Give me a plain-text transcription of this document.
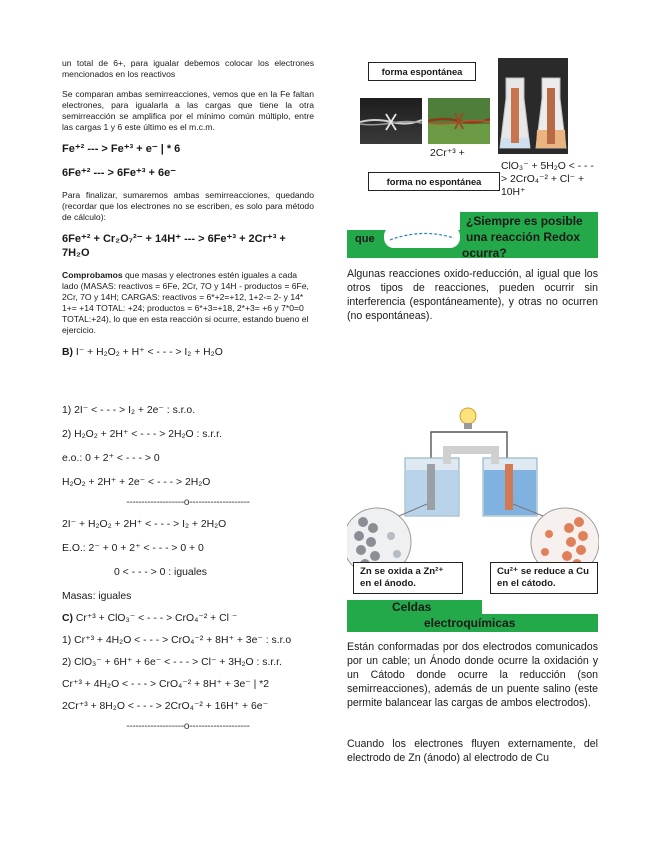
un total de 6+, para igualar debemos colocar los electrones mencionados en los reactivos

Se comparan ambas semirreacciones, vemos que en la Fe faltan electrones, para igualarla a las cargas que tiene la otra semirreacción se amplifica por el mínimo común múltiplo, entre las cargas 1 y 6 este último es el m.c.m.

Fe⁺² --- > Fe⁺³ + e⁻ | * 6

6Fe⁺² --- > 6Fe⁺³ + 6e⁻

Para finalizar, sumaremos ambas semirreacciones, quedando (recordar que los electrones no se escriben, es solo para método de cálculo):

6Fe⁺² + Cr₂O₇²⁻ + 14H⁺ --- > 6Fe⁺³ + 2Cr⁺³ + 7H₂O

Comprobamos que masas y electrones estén iguales a cada lado (MASAS: reactivos = 6Fe, 2Cr, 7O y 14H - productos = 6Fe, 2Cr, 7O y 14H; CARGAS: reactivos = 6*+2=+12, 1+2-= 2- y 14* 1+= +14 TOTAL: +24; productos = 6*+3=+18, 2*+3= +6 y 7*0=0 TOTAL:+24), lo que en esta reacción si ocurre, estando bueno el ejercicio.

B) I⁻ + H₂O₂ + H⁺ < - - - > I₂ + H₂O

1) 2I⁻ < - - - > I₂ + 2e⁻ : s.r.o.

2) H₂O₂ + 2H⁺ < - - - > 2H₂O : s.r.r.

e.o.: 0 + 2⁺ < - - - > 0

H₂O₂ + 2H⁺ + 2e⁻ < - - - > 2H₂O

-------------------o--------------------

2I⁻ + H₂O₂ + 2H⁺ < - - - > I₂ + 2H₂O

E.O.: 2⁻ + 0 + 2⁺ < - - - > 0 + 0

0 < - - - > 0 : iguales

Masas: iguales

C) Cr⁺³ + ClO₃⁻ < - - - > CrO₄⁻² + Cl ⁻

1) Cr⁺³ + 4H₂O < - - - > CrO₄⁻² + 8H⁺ + 3e⁻ : s.r.o

2) ClO₃⁻ + 6H⁺ + 6e⁻ < - - - > Cl⁻ + 3H₂O : s.r.r.

Cr⁺³ + 4H₂O < - - - > CrO₄⁻² + 8H⁺ + 3e⁻ | *2

2Cr⁺³ + 8H₂O < - - - > 2CrO₄⁻² + 16H⁺ + 6e⁻

-------------------o--------------------

forma espontánea
2Cr⁺³ +
forma no espontánea
ClO₃⁻ + 5H₂O < - - - > 2CrO₄⁻² + Cl⁻ + 10H⁺
que
¿Siempre es posible
una reacción Redox
ocurra?

Algunas reacciones oxido-reducción, al igual que los otros tipos de reacciones, pueden ocurrir sin interferencia (espontáneamente), y otras no ocurren (no espontáneas).

Zn se oxida a Zn²⁺ en el ánodo.
Cu²⁺ se reduce a Cu en el cátodo.
Celdas
electroquímicas

Están conformadas por dos electrodos comunicados por un cable; un Ánodo donde ocurre la oxidación y un Cátodo donde ocurre la reducción (son semirreacciones), además de un puente salino (este permite balancear las cargas de ambos electrodos).

Cuando los electrones fluyen externamente, del electrodo de Zn (ánodo) al electrodo de Cu
